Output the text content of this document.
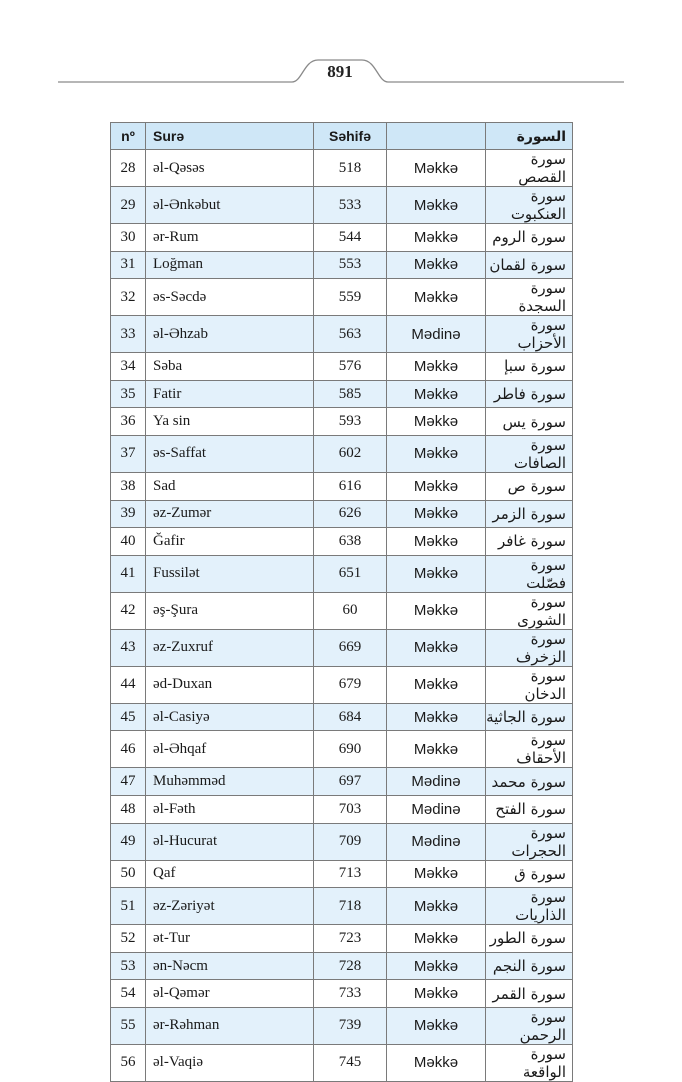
891
nº	Surə	Səhifə		السورة
28	əl-Qəsəs	518	Məkkə	سورة القصص
29	əl-Ənkəbut	533	Məkkə	سورة العنكبوت
30	ər-Rum	544	Məkkə	سورة الروم
31	Loğman	553	Məkkə	سورة لقمان
32	əs-Səcdə	559	Məkkə	سورة السجدة
33	əl-Əhzab	563	Mədinə	سورة الأحزاب
34	Səba	576	Məkkə	سورة سبإ
35	Fatir	585	Məkkə	سورة فاطر
36	Ya sin	593	Məkkə	سورة يس
37	əs-Saffat	602	Məkkə	سورة الصافات
38	Sad	616	Məkkə	سورة ص
39	əz-Zumər	626	Məkkə	سورة الزمر
40	Ğafir	638	Məkkə	سورة غافر
41	Fussilət	651	Məkkə	سورة فصّلت
42	əş-Şura	60	Məkkə	سورة الشورى
43	əz-Zuxruf	669	Məkkə	سورة الزخرف
44	əd-Duxan	679	Məkkə	سورة الدخان
45	əl-Casiyə	684	Məkkə	سورة الجاثية
46	əl-Əhqaf	690	Məkkə	سورة الأحقاف
47	Muhəmməd	697	Mədinə	سورة محمد
48	əl-Fəth	703	Mədinə	سورة الفتح
49	əl-Hucurat	709	Mədinə	سورة الحجرات
50	Qaf	713	Məkkə	سورة ق
51	əz-Zəriyət	718	Məkkə	سورة الذاريات
52	ət-Tur	723	Məkkə	سورة الطور
53	ən-Nəcm	728	Məkkə	سورة النجم
54	əl-Qəmər	733	Məkkə	سورة القمر
55	ər-Rəhman	739	Məkkə	سورة الرحمن
56	əl-Vaqiə	745	Məkkə	سورة الواقعة
